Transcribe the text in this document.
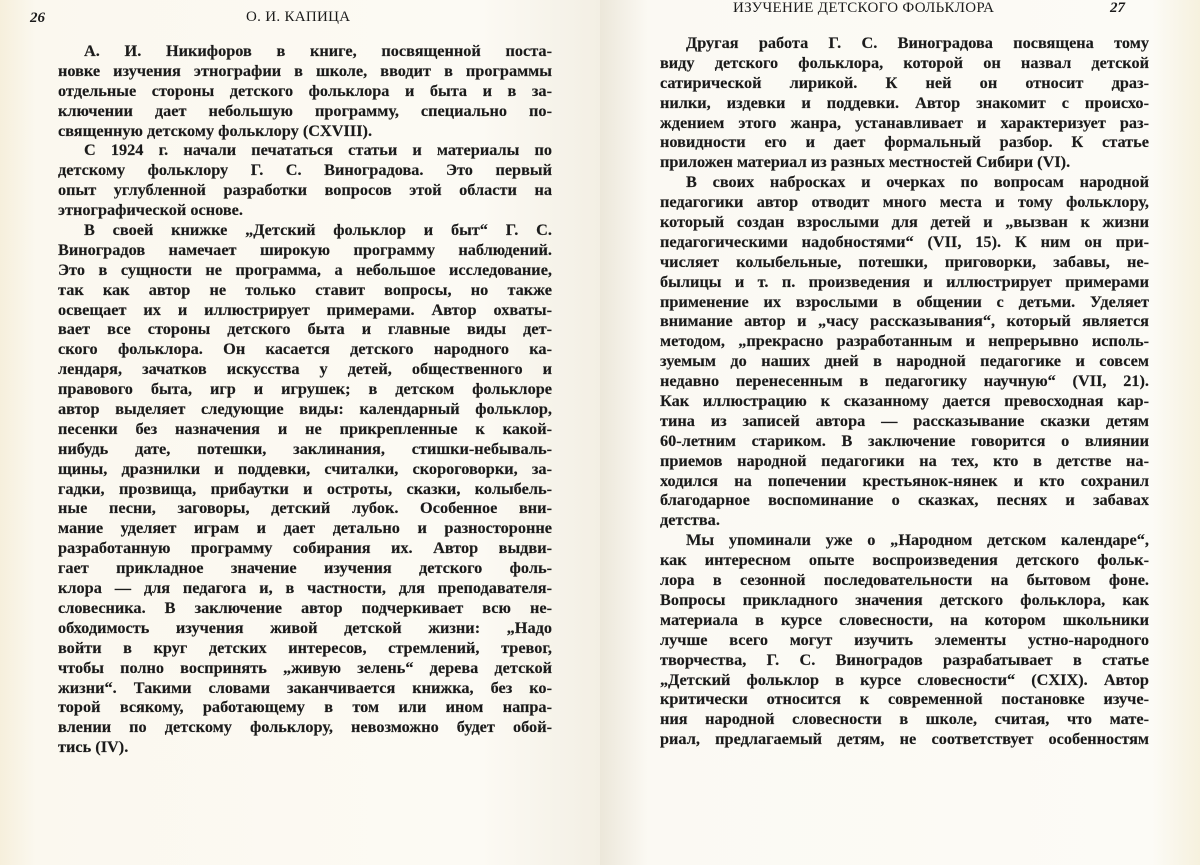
26	О. И. КАПИЦА
А. И. Никифоров в книге, посвященной поста-
новке изучения этнографии в школе, вводит в программы
отдельные стороны детского фольклора и быта и в за-
ключении дает небольшую программу, специально по-
священную детскому фольклору (CXVIII).
С 1924 г. начали печататься статьи и материалы по
детскому фольклору Г. С. Виноградова. Это первый
опыт углубленной разработки вопросов этой области на
этнографической основе.
В своей книжке „Детский фольклор и быт“ Г. С.
Виноградов намечает широкую программу наблюдений.
Это в сущности не программа, а небольшое исследование,
так как автор не только ставит вопросы, но также
освещает их и иллюстрирует примерами. Автор охваты-
вает все стороны детского быта и главные виды дет-
ского фольклора. Он касается детского народного ка-
лендаря, зачатков искусства у детей, общественного и
правового быта, игр и игрушек; в детском фольклоре
автор выделяет следующие виды: календарный фольклор,
песенки без назначения и не прикрепленные к какой-
нибудь дате, потешки, заклинания, стишки-небываль-
щины, дразнилки и поддевки, считалки, скороговорки, за-
гадки, прозвища, прибаутки и остроты, сказки, колыбель-
ные песни, заговоры, детский лубок. Особенное вни-
мание уделяет играм и дает детально и разносторонне
разработанную программу собирания их. Автор выдви-
гает прикладное значение изучения детского фоль-
клора — для педагога и, в частности, для преподавателя-
словесника. В заключение автор подчеркивает всю не-
обходимость изучения живой детской жизни: „Надо
войти в круг детских интересов, стремлений, тревог,
чтобы полно воспринять „живую зелень“ дерева детской
жизни“. Такими словами заканчивается книжка, без ко-
торой всякому, работающему в том или ином напра-
влении по детскому фольклору, невозможно будет обой-
тись (IV).
ИЗУЧЕНИЕ ДЕТСКОГО ФОЛЬКЛОРА	27
Другая работа Г. С. Виноградова посвящена тому
виду детского фольклора, которой он назвал детской
сатирической лирикой. К ней он относит драз-
нилки, издевки и поддевки. Автор знакомит с происхо-
ждением этого жанра, устанавливает и характеризует раз-
новидности его и дает формальный разбор. К статье
приложен материал из разных местностей Сибири (VI).
В своих набросках и очерках по вопросам народной
педагогики автор отводит много места и тому фольклору,
который создан взрослыми для детей и „вызван к жизни
педагогическими надобностями“ (VII, 15). К ним он при-
числяет колыбельные, потешки, приговорки, забавы, не-
былицы и т. п. произведения и иллюстрирует примерами
применение их взрослыми в общении с детьми. Уделяет
внимание автор и „часу рассказывания“, который является
методом, „прекрасно разработанным и непрерывно исполь-
зуемым до наших дней в народной педагогике и совсем
недавно перенесенным в педагогику научную“ (VII, 21).
Как иллюстрацию к сказанному дается превосходная кар-
тина из записей автора — рассказывание сказки детям
60-летним стариком. В заключение говорится о влиянии
приемов народной педагогики на тех, кто в детстве на-
ходился на попечении крестьянок-нянек и кто сохранил
благодарное воспоминание о сказках, песнях и забавах
детства.
Мы упоминали уже о „Народном детском календаре“,
как интересном опыте воспроизведения детского фольк-
лора в сезонной последовательности на бытовом фоне.
Вопросы прикладного значения детского фольклора, как
материала в курсе словесности, на котором школьники
лучше всего могут изучить элементы устно-народного
творчества, Г. С. Виноградов разрабатывает в статье
„Детский фольклор в курсе словесности“ (CXIX). Автор
критически относится к современной постановке изуче-
ния народной словесности в школе, считая, что мате-
риал, предлагаемый детям, не соответствует особенностям
